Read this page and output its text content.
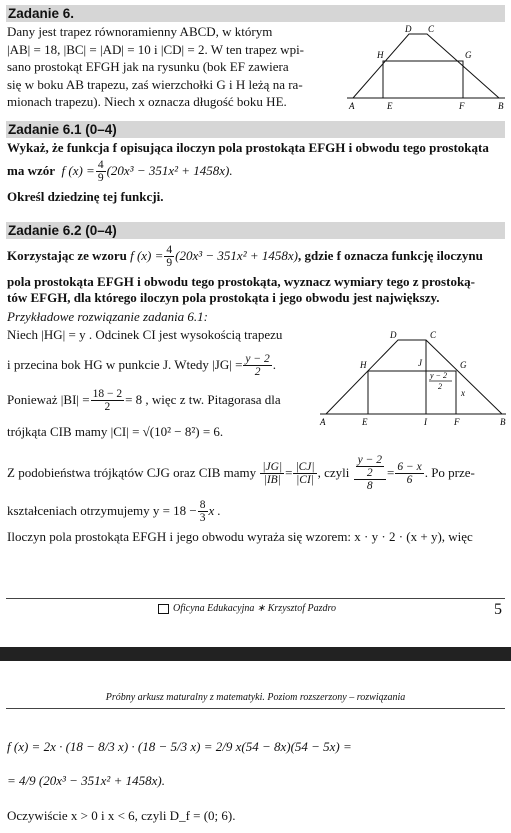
Zadanie 6.
Dany jest trapez równoramienny ABCD, w którym
|AB| = 18, |BC| = |AD| = 10 i |CD| = 2. W ten trapez wpi-
sano prostokąt EFGH jak na rysunku (bok EF zawiera
się w boku AB trapezu, zaś wierzchołki G i H leżą na ra-
mionach trapezu). Niech x oznacza długość boku HE.	A	B
C
D
E	F
G
H
Zadanie 6.1 (0–4)
Wykaż, że funkcja f opisująca iloczyn pola prostokąta EFGH i obwodu tego prostokąta
ma wzór
f $(x) = \frac{4}{9} (20x^3 - 351x^2 + 1458x)$.
Określ dziedzinę tej funkcji.
Zadanie 6.2 (0–4)
Korzystając ze wzoru
f $(x) = \frac{4}{9} (20x^3 - 351x^2 + 1458x)$ , gdzie f oznacza funkcję iloczynu
pola prostokąta EFGH i obwodu tego prostokąta, wyznacz wymiary tego z prostoką-
tów EFGH, dla którego iloczyn pola prostokąta i jego obwodu jest największy.
Przykładowe rozwiązanie zadania 6.1:
Niech |HG| = y . Odcinek CI jest wysokością trapezu
i przecina bok HG w punkcie J. Wtedy $|JG| = \frac{y - 2}{2}$ .
Ponieważ $|BI| = \frac{18 - 2}{2} = 8$ , więc z tw. Pitagorasa dla
trójkąta CIB mamy |CI| = √(10² − 8²) = 6.
A	B
C
D
E	F
G
H
I
J
y − 2
2
x
Z podobieństwa trójkątów CJG oraz CIB mamy
$\frac{|JG|}{|IB|} = \frac{|CJ|}{|CI|}$ , czyli
$\frac{\frac{y - 2}{2}}{8} = \frac{6 - x}{6}$ . Po prze-
kształceniach otrzymujemy $y = 18 - \frac{8}{3}$ x .
Iloczyn pola prostokąta EFGH i jego obwodu wyraża się wzorem: x · y · 2 · (x + y), więc
Oficyna Edukacyjna ∗ Krzysztof Pazdro	5
Próbny arkusz maturalny z matematyki. Poziom rozszerzony – rozwiązania
f (x) = 2x · (18 − 8/3 x) · (18 − 5/3 x) = 2/9 x(54 − 8x)(54 − 5x) =
= 4/9 (20x³ − 351x² + 1458x).
Oczywiście x > 0 i x < 6, czyli D_f = (0; 6).
